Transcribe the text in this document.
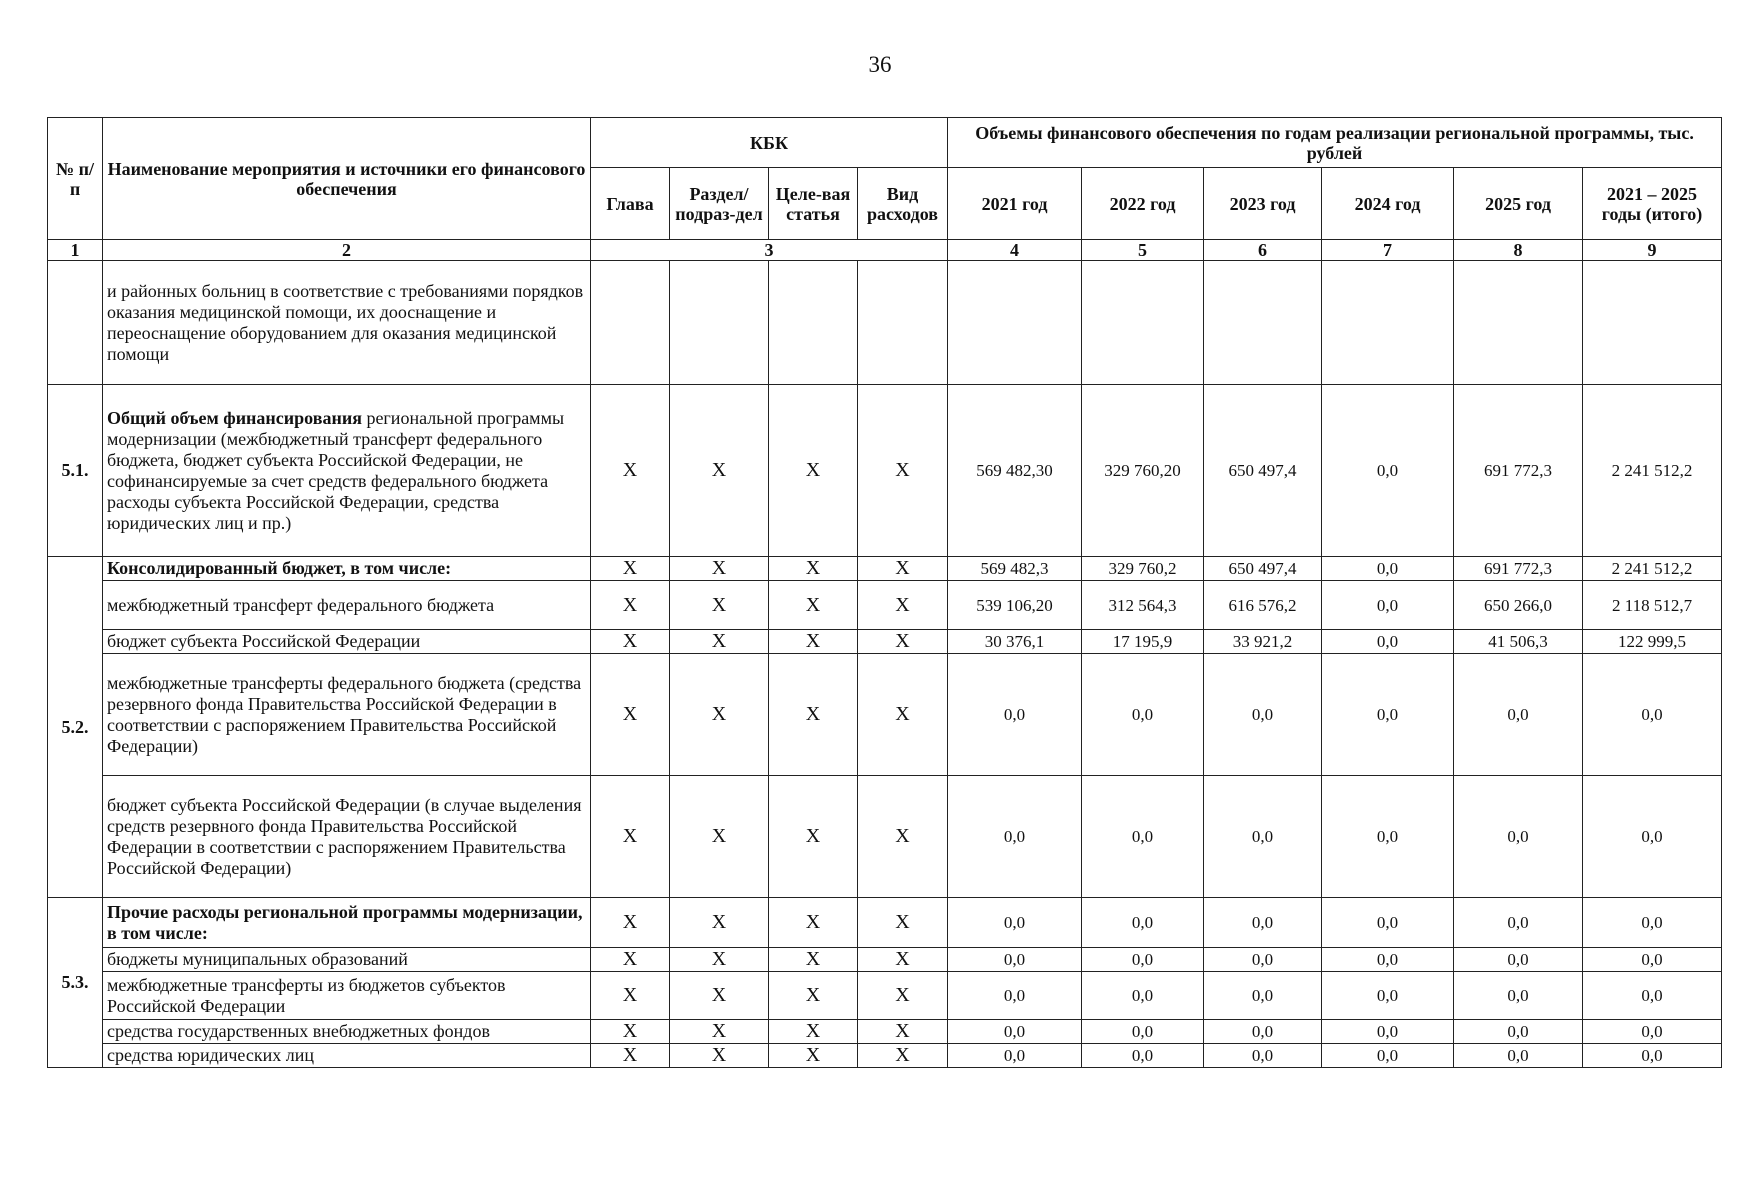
36
№ п/п	Наименование мероприятия и источники его финансового обеспечения	КБК				Объемы финансового обеспечения по годам реализации региональной программы, тыс. рублей					
		Глава	Раздел/ подраз-дел	Целе-вая статья	Вид расходов	2021 год	2022 год	2023 год	2024 год	2025 год	2021 – 2025 годы (итого)
1	2	3				4	5	6	7	8	9
	и районных больниц в соответствие с требованиями порядков оказания медицинской помощи, их дооснащение и переоснащение оборудованием для оказания медицинской помощи										
5.1.	Общий объем финансирования региональной программы модернизации (межбюджетный трансферт федерального бюджета, бюджет субъекта Российской Федерации, не софинансируемые за счет средств федерального бюджета расходы субъекта Российской Федерации, средства юридических лиц и пр.)	Х	Х	Х	Х	569 482,30	329 760,20	650 497,4	0,0	691 772,3	2 241 512,2
5.2.	Консолидированный бюджет, в том числе:	Х	Х	Х	Х	569 482,3	329 760,2	650 497,4	0,0	691 772,3	2 241 512,2
	межбюджетный трансферт федерального бюджета	Х	Х	Х	Х	539 106,20	312 564,3	616 576,2	0,0	650 266,0	2 118 512,7
	бюджет субъекта Российской Федерации	Х	Х	Х	Х	30 376,1	17 195,9	33 921,2	0,0	41 506,3	122 999,5
	межбюджетные трансферты федерального бюджета (средства резервного фонда Правительства Российской Федерации в соответствии с распоряжением Правительства Российской Федерации)	Х	Х	Х	Х	0,0	0,0	0,0	0,0	0,0	0,0
	бюджет субъекта Российской Федерации (в случае выделения средств резервного фонда Правительства Российской Федерации в соответствии с распоряжением Правительства Российской Федерации)	Х	Х	Х	Х	0,0	0,0	0,0	0,0	0,0	0,0
5.3.	Прочие расходы региональной программы модернизации, в том числе:	Х	Х	Х	Х	0,0	0,0	0,0	0,0	0,0	0,0
	бюджеты муниципальных образований	Х	Х	Х	Х	0,0	0,0	0,0	0,0	0,0	0,0
	межбюджетные трансферты из бюджетов субъектов Российской Федерации	Х	Х	Х	Х	0,0	0,0	0,0	0,0	0,0	0,0
	средства государственных внебюджетных фондов	Х	Х	Х	Х	0,0	0,0	0,0	0,0	0,0	0,0
	средства юридических лиц	Х	Х	Х	Х	0,0	0,0	0,0	0,0	0,0	0,0
